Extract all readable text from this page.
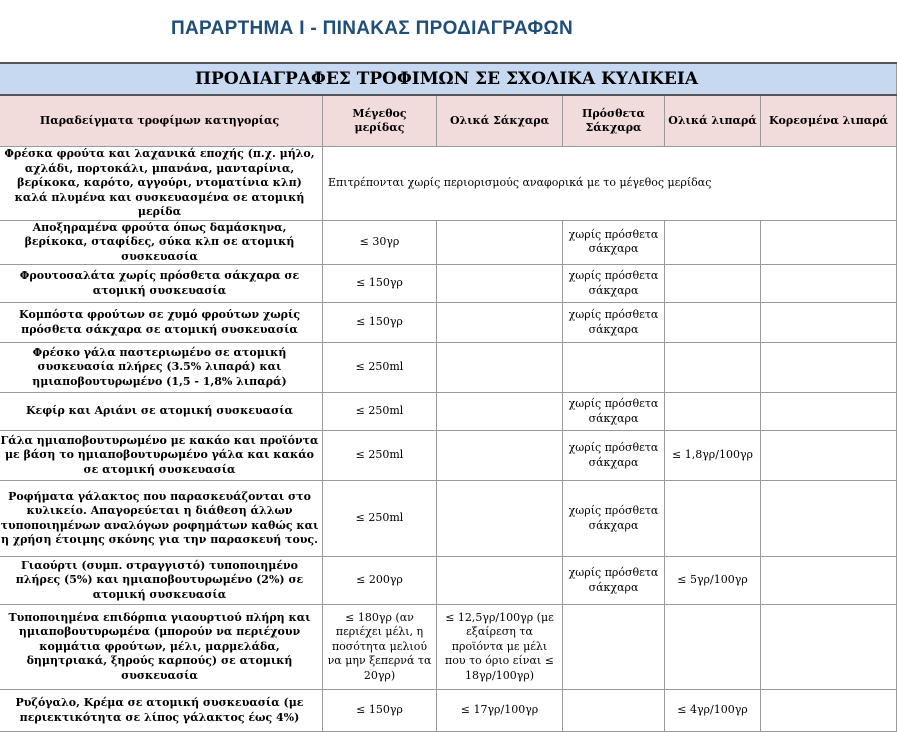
ΠΑΡΑΡΤΗΜΑ Ι - ΠΙΝΑΚΑΣ ΠΡΟΔΙΑΓΡΑΦΩΝ
ΠΡΟΔΙΑΓΡΑΦΕΣ ΤΡΟΦΙΜΩΝ ΣΕ ΣΧΟΛΙΚΑ ΚΥΛΙΚΕΙΑ					
Παραδείγματα τροφίμων κατηγορίας	Μέγεθος μερίδας	Ολικά Σάκχαρα	Πρόσθετα Σάκχαρα	Ολικά λιπαρά	Κορεσμένα λιπαρά
Φρέσκα φρούτα και λαχανικά εποχής (π.χ. μήλο, αχλάδι, πορτοκάλι, μπανάνα, μανταρίνια, βερίκοκα, καρότο, αγγούρι, ντοματίνια κλπ) καλά πλυμένα και συσκευασμένα σε ατομική μερίδα	Επιτρέπονται χωρίς περιορισμούς αναφορικά με το μέγεθος μερίδας				
Αποξηραμένα φρούτα όπως δαμάσκηνα, βερίκοκα, σταφίδες, σύκα κλπ σε ατομική συσκευασία	≤ 30γρ		χωρίς πρόσθετα σάκχαρα		
Φρουτοσαλάτα χωρίς πρόσθετα σάκχαρα σε ατομική συσκευασία	≤ 150γρ		χωρίς πρόσθετα σάκχαρα		
Κομπόστα φρούτων σε χυμό φρούτων χωρίς πρόσθετα σάκχαρα σε ατομική συσκευασία	≤ 150γρ		χωρίς πρόσθετα σάκχαρα		
Φρέσκο γάλα παστεριωμένο σε ατομική συσκευασία πλήρες (3.5% λιπαρά) και ημιαποβουτυρωμένο (1,5 - 1,8% λιπαρά)	≤ 250ml				
Κεφίρ και Αριάνι σε ατομική συσκευασία	≤ 250ml		χωρίς πρόσθετα σάκχαρα		
Γάλα ημιαποβουτυρωμένο με κακάο και προϊόντα με βάση το ημιαποβουτυρωμένο γάλα και κακάο σε ατομική συσκευασία	≤ 250ml		χωρίς πρόσθετα σάκχαρα	≤ 1,8γρ/100γρ	
Ροφήματα γάλακτος που παρασκευάζονται στο κυλικείο. Απαγορεύεται η διάθεση άλλων τυποποιημένων αναλόγων ροφημάτων καθώς και η χρήση έτοιμης σκόνης για την παρασκευή τους.	≤ 250ml		χωρίς πρόσθετα σάκχαρα		
Γιαούρτι (συμπ. στραγγιστό) τυποποιημένο πλήρες (5%) και ημιαποβουτυρωμένο (2%) σε ατομική συσκευασία	≤ 200γρ		χωρίς πρόσθετα σάκχαρα	≤ 5γρ/100γρ	
Τυποποιημένα επιδόρπια γιαουρτιού πλήρη και ημιαποβουτυρωμένα (μπορούν να περιέχουν κομμάτια φρούτων, μέλι, μαρμελάδα, δημητριακά, ξηρούς καρπούς) σε ατομική συσκευασία	≤ 180γρ (αν περιέχει μέλι, η ποσότητα μελιού να μην ξεπερνά τα 20γρ)	≤ 12,5γρ/100γρ (με εξαίρεση τα προϊόντα με μέλι που το όριο είναι ≤ 18γρ/100γρ)			
Ρυζόγαλο, Κρέμα σε ατομική συσκευασία (με περιεκτικότητα σε λίπος γάλακτος έως 4%)	≤ 150γρ	≤ 17γρ/100γρ		≤ 4γρ/100γρ	
